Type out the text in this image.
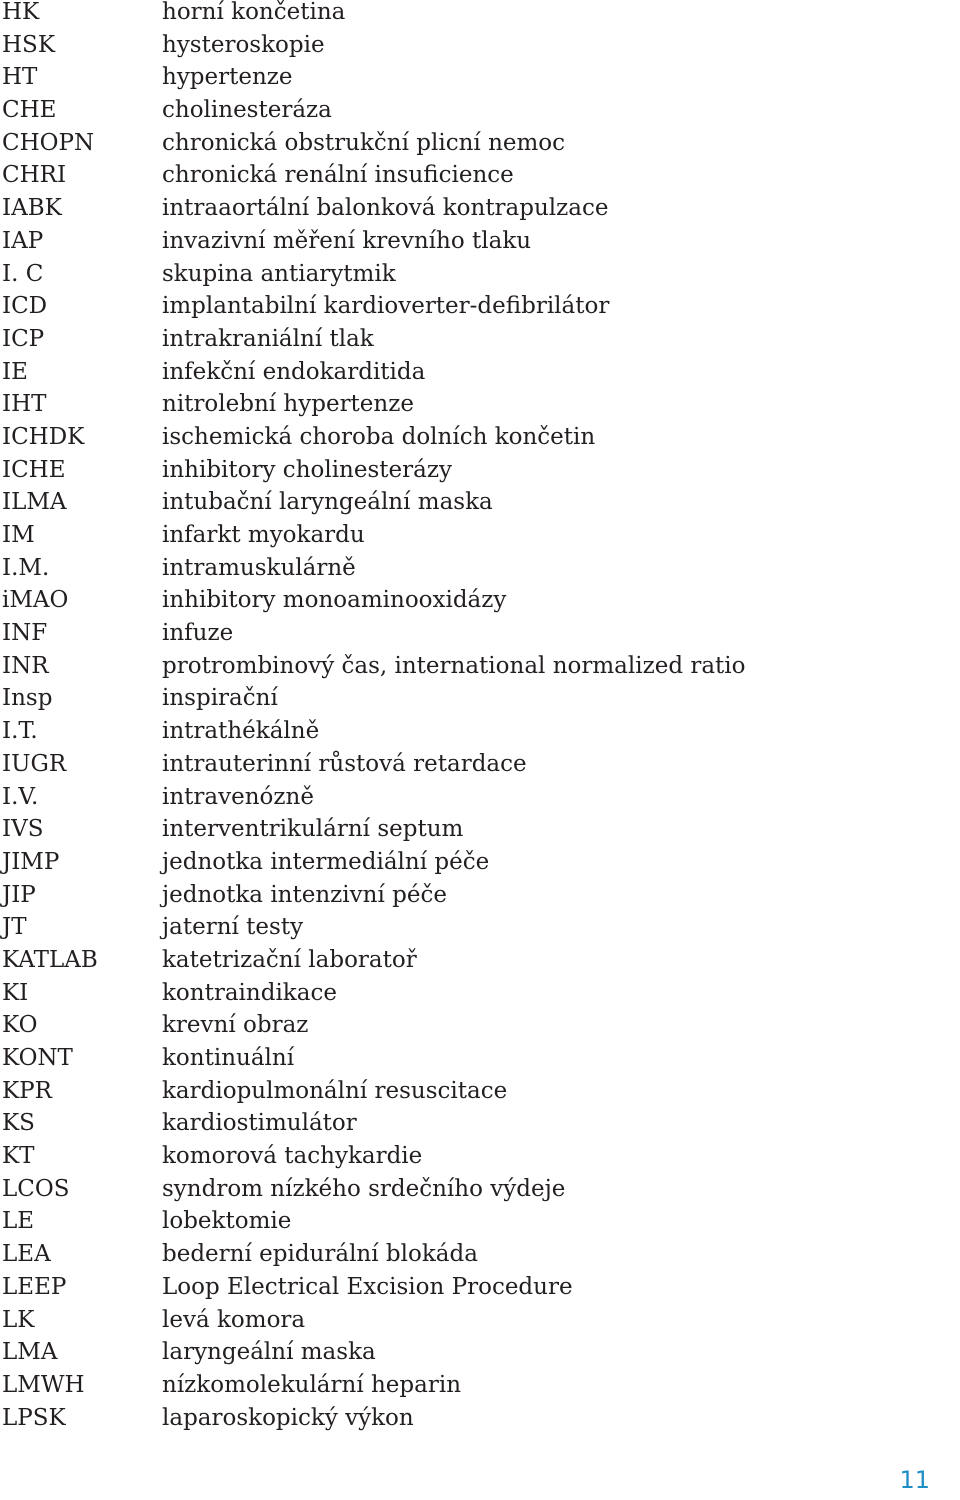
HK	horní končetina
HSK	hysteroskopie
HT	hypertenze
CHE	cholinesteráza
CHOPN	chronická obstrukční plicní nemoc
CHRI	chronická renální insuficience
IABK	intraaortální balonková kontrapulzace
IAP	invazivní měření krevního tlaku
I. C	skupina antiarytmik
ICD	implantabilní kardioverter-defibrilátor
ICP	intrakraniální tlak
IE	infekční endokarditida
IHT	nitrolební hypertenze
ICHDK	ischemická choroba dolních končetin
ICHE	inhibitory cholinesterázy
ILMA	intubační laryngeální maska
IM	infarkt myokardu
I.M.	intramuskulárně
iMAO	inhibitory monoaminooxidázy
INF	infuze
INR	protrombinový čas, international normalized ratio
Insp	inspirační
I.T.	intrathékálně
IUGR	intrauterinní růstová retardace
I.V.	intravenózně
IVS	interventrikulární septum
JIMP	jednotka intermediální péče
JIP	jednotka intenzivní péče
JT	jaterní testy
KATLAB	katetrizační laboratoř
KI	kontraindikace
KO	krevní obraz
KONT	kontinuální
KPR	kardiopulmonální resuscitace
KS	kardiostimulátor
KT	komorová tachykardie
LCOS	syndrom nízkého srdečního výdeje
LE	lobektomie
LEA	bederní epidurální blokáda
LEEP	Loop Electrical Excision Procedure
LK	levá komora
LMA	laryngeální maska
LMWH	nízkomolekulární heparin
LPSK	laparoskopický výkon
11
